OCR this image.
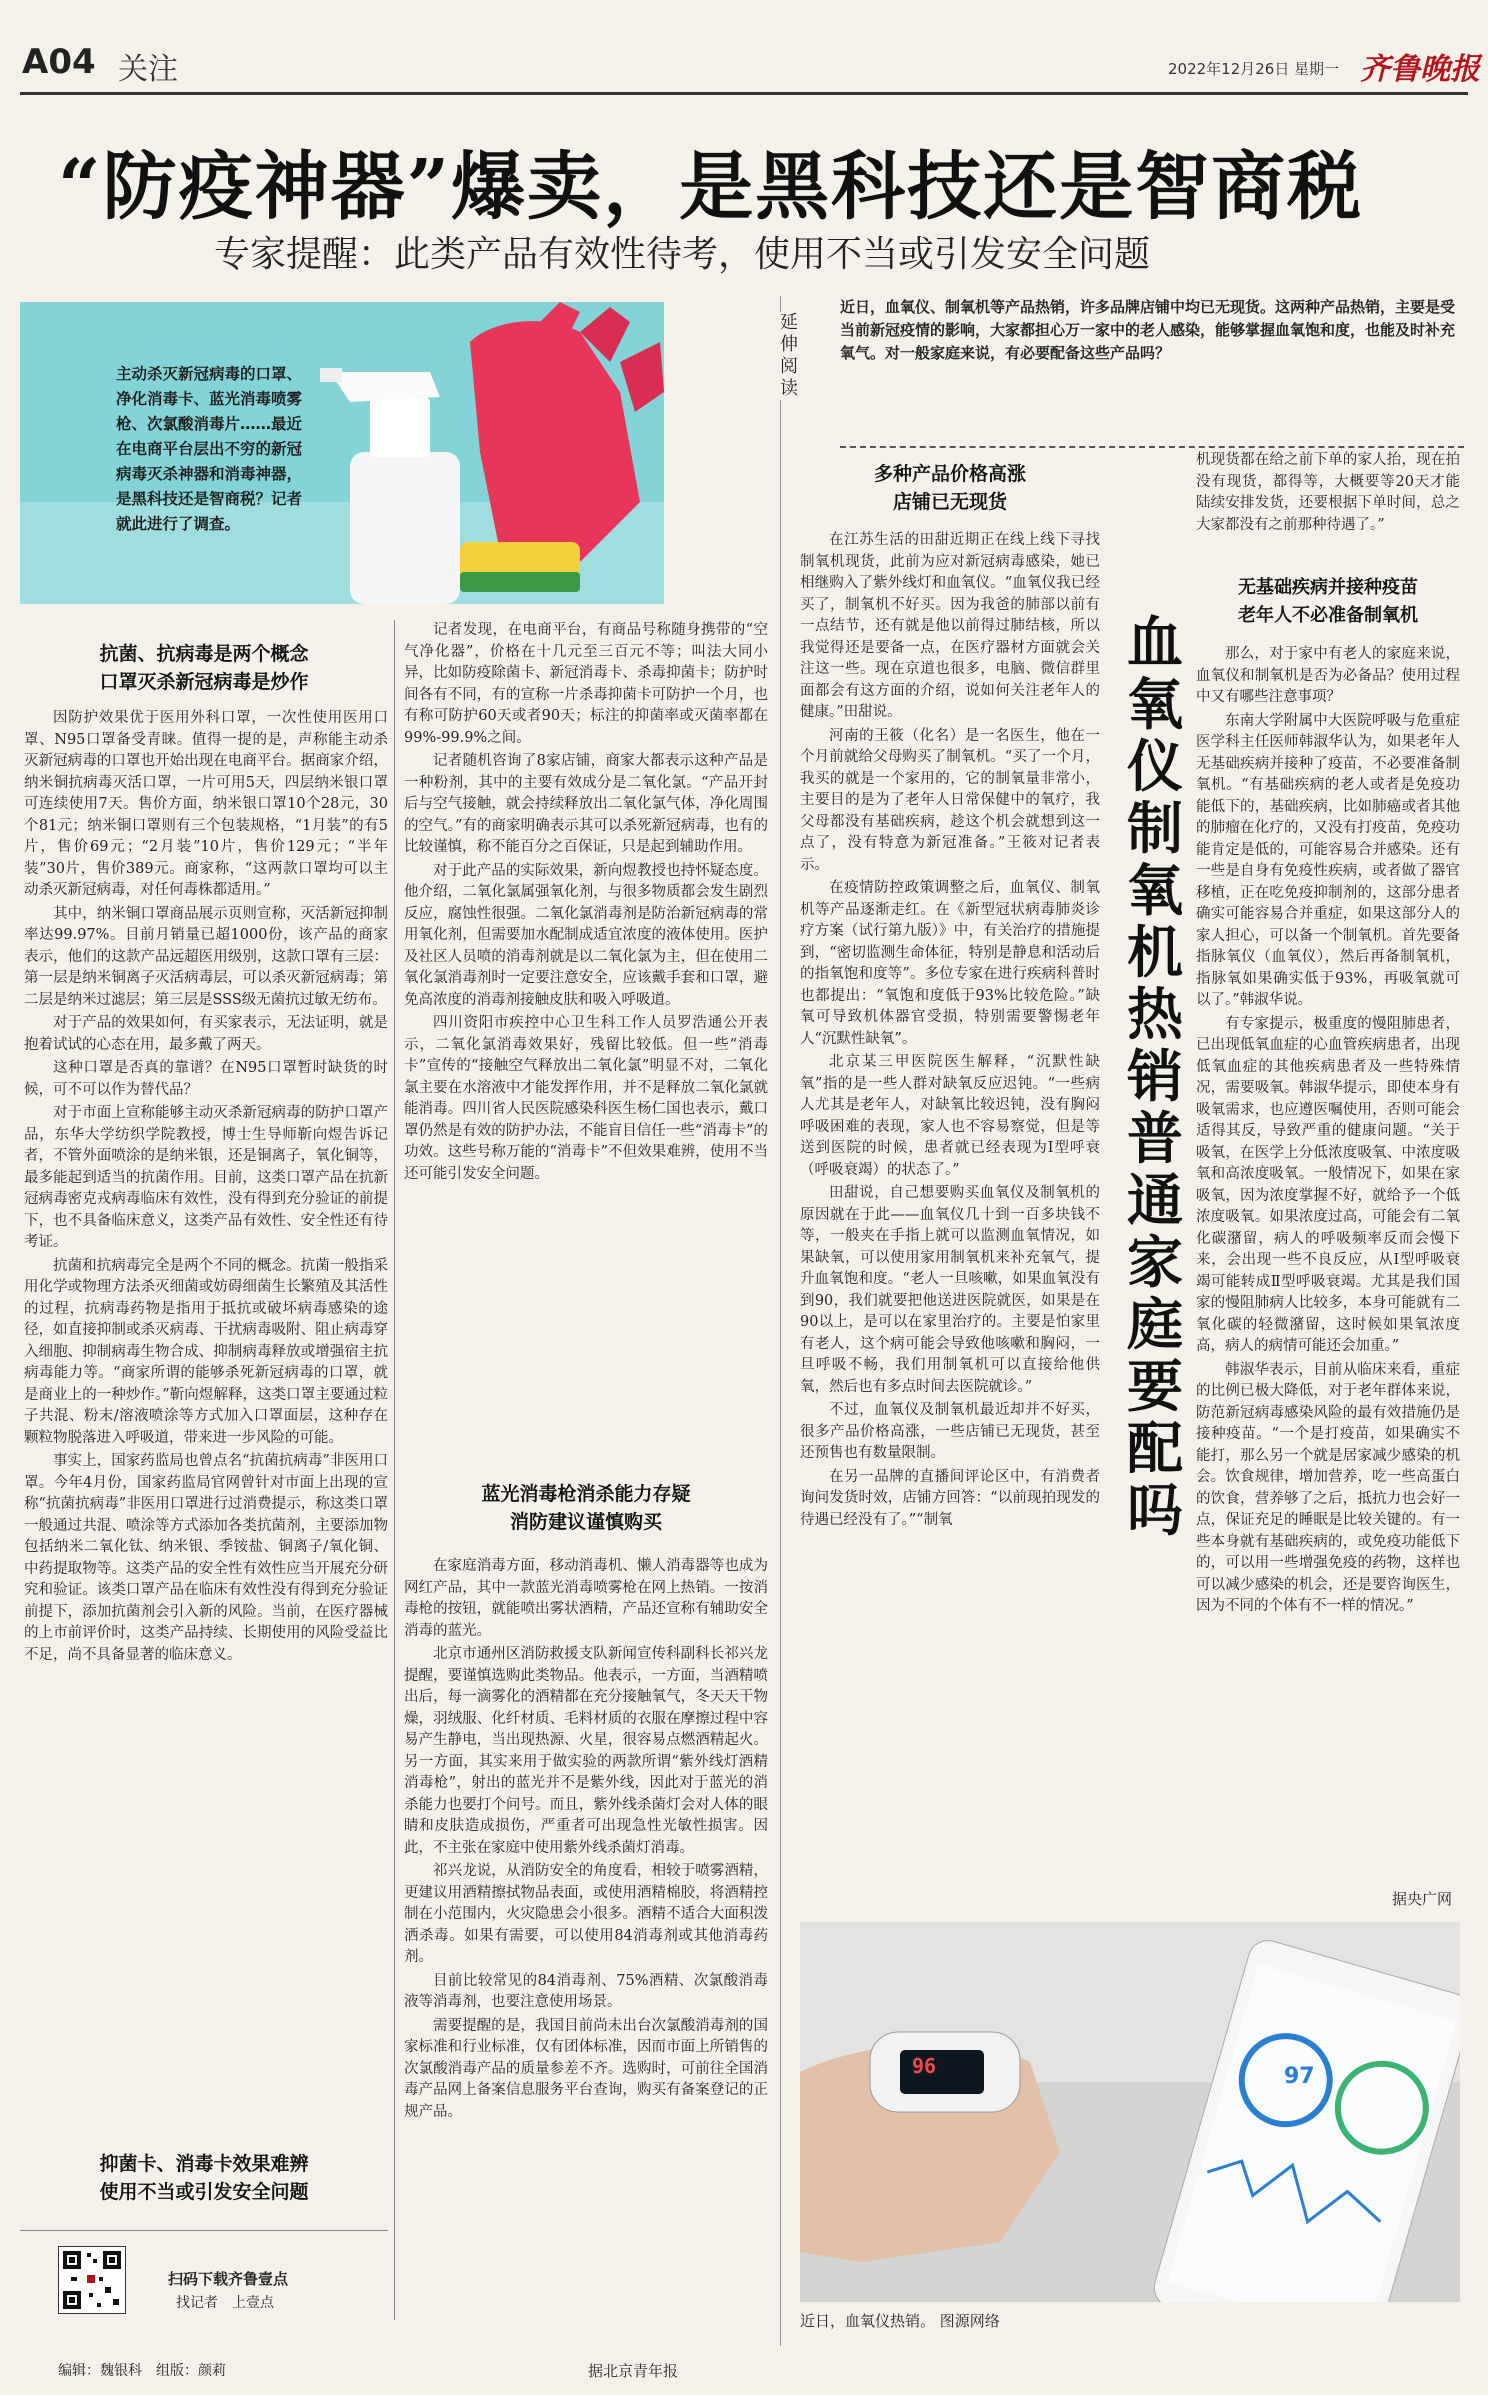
A04 关注	2022年12月26日 星期一 齐鲁晚报
“防疫神器”爆卖，是黑科技还是智商税
专家提醒：此类产品有效性待考，使用不当或引发安全问题
主动杀灭新冠病毒的口罩、净化消毒卡、蓝光消毒喷雾枪、次氯酸消毒片……最近在电商平台层出不穷的新冠病毒灭杀神器和消毒神器，是黑科技还是智商税？记者就此进行了调查。
抗菌、抗病毒是两个概念
口罩灭杀新冠病毒是炒作

因防护效果优于医用外科口罩，一次性使用医用口罩、N95口罩备受青睐。值得一提的是，声称能主动杀灭新冠病毒的口罩也开始出现在电商平台。据商家介绍，纳米铜抗病毒灭活口罩，一片可用5天，四层纳米银口罩可连续使用7天。售价方面，纳米银口罩10个28元，30个81元；纳米铜口罩则有三个包装规格，“1月装”的有5片，售价69元；“2月装”10片，售价129元；“半年装”30片，售价389元。商家称，“这两款口罩均可以主动杀灭新冠病毒，对任何毒株都适用。”

其中，纳米铜口罩商品展示页则宣称，灭活新冠抑制率达99.97%。目前月销量已超1000份，该产品的商家表示，他们的这款产品远超医用级别，这款口罩有三层：第一层是纳米铜离子灭活病毒层，可以杀灭新冠病毒；第二层是纳米过滤层；第三层是SSS级无菌抗过敏无纺布。

对于产品的效果如何，有买家表示，无法证明，就是抱着试试的心态在用，最多戴了两天。

这种口罩是否真的靠谱？在N95口罩暂时缺货的时候，可不可以作为替代品？

对于市面上宣称能够主动灭杀新冠病毒的防护口罩产品，东华大学纺织学院教授，博士生导师靳向煜告诉记者，不管外面喷涂的是纳米银，还是铜离子，氧化铜等，最多能起到适当的抗菌作用。目前，这类口罩产品在抗新冠病毒密克戎病毒临床有效性，没有得到充分验证的前提下，也不具备临床意义，这类产品有效性、安全性还有待考证。

抗菌和抗病毒完全是两个不同的概念。抗菌一般指采用化学或物理方法杀灭细菌或妨碍细菌生长繁殖及其活性的过程，抗病毒药物是指用于抵抗或破坏病毒感染的途径，如直接抑制或杀灭病毒、干扰病毒吸附、阻止病毒穿入细胞、抑制病毒生物合成、抑制病毒释放或增强宿主抗病毒能力等。“商家所谓的能够杀死新冠病毒的口罩，就是商业上的一种炒作。”靳向煜解释，这类口罩主要通过粒子共混、粉末/溶液喷涂等方式加入口罩面层，这种存在颗粒物脱落进入呼吸道，带来进一步风险的可能。

事实上，国家药监局也曾点名“抗菌抗病毒”非医用口罩。今年4月份，国家药监局官网曾针对市面上出现的宣称“抗菌抗病毒”非医用口罩进行过消费提示，称这类口罩一般通过共混、喷涂等方式添加各类抗菌剂，主要添加物包括纳米二氧化钛、纳米银、季铵盐、铜离子/氧化铜、中药提取物等。这类产品的安全性有效性应当开展充分研究和验证。该类口罩产品在临床有效性没有得到充分验证前提下，添加抗菌剂会引入新的风险。当前，在医疗器械的上市前评价时，这类产品持续、长期使用的风险受益比不足，尚不具备显著的临床意义。

抑菌卡、消毒卡效果难辨
使用不当或引发安全问题

记者发现，在电商平台，有商品号称随身携带的“空气净化器”，价格在十几元至三百元不等；叫法大同小异，比如防疫除菌卡、新冠消毒卡、杀毒抑菌卡；防护时间各有不同，有的宣称一片杀毒抑菌卡可防护一个月，也有称可防护60天或者90天；标注的抑菌率或灭菌率都在99%-99.9%之间。

记者随机咨询了8家店铺，商家大都表示这种产品是一种粉剂，其中的主要有效成分是二氧化氯。“产品开封后与空气接触，就会持续释放出二氧化氯气体，净化周围的空气。”有的商家明确表示其可以杀死新冠病毒，也有的比较谨慎，称不能百分之百保证，只是起到辅助作用。

对于此产品的实际效果，新向煜教授也持怀疑态度。他介绍，二氧化氯属强氧化剂，与很多物质都会发生剧烈反应，腐蚀性很强。二氧化氯消毒剂是防治新冠病毒的常用氧化剂，但需要加水配制成适宜浓度的液体使用。医护及社区人员喷的消毒剂就是以二氧化氯为主，但在使用二氧化氯消毒剂时一定要注意安全，应该戴手套和口罩，避免高浓度的消毒剂接触皮肤和吸入呼吸道。

四川资阳市疾控中心卫生科工作人员罗浩通公开表示，二氧化氯消毒效果好，残留比较低。但一些“消毒卡”宣传的“接触空气释放出二氧化氯”明显不对，二氧化氯主要在水溶液中才能发挥作用，并不是释放二氧化氯就能消毒。四川省人民医院感染科医生杨仁国也表示，戴口罩仍然是有效的防护办法，不能盲目信任一些“消毒卡”的功效。这些号称万能的“消毒卡”不但效果难辨，使用不当还可能引发安全问题。

蓝光消毒枪消杀能力存疑
消防建议谨慎购买

在家庭消毒方面，移动消毒机、懒人消毒器等也成为网红产品，其中一款蓝光消毒喷雾枪在网上热销。一按消毒枪的按钮，就能喷出雾状酒精，产品还宣称有辅助安全消毒的蓝光。

北京市通州区消防救援支队新闻宣传科副科长祁兴龙提醒，要谨慎选购此类物品。他表示，一方面，当酒精喷出后，每一滴雾化的酒精都在充分接触氧气，冬天天干物燥，羽绒服、化纤材质、毛料材质的衣服在摩擦过程中容易产生静电，当出现热源、火星，很容易点燃酒精起火。另一方面，其实来用于做实验的两款所谓“紫外线灯酒精消毒枪”，射出的蓝光并不是紫外线，因此对于蓝光的消杀能力也要打个问号。而且，紫外线杀菌灯会对人体的眼睛和皮肤造成损伤，严重者可出现急性光敏性损害。因此，不主张在家庭中使用紫外线杀菌灯消毒。

祁兴龙说，从消防安全的角度看，相较于喷雾酒精，更建议用酒精擦拭物品表面，或使用酒精棉胶，将酒精控制在小范围内，火灾隐患会小很多。酒精不适合大面积泼洒杀毒。如果有需要，可以使用84消毒剂或其他消毒药剂。

目前比较常见的84消毒剂、75%酒精、次氯酸消毒液等消毒剂，也要注意使用场景。

需要提醒的是，我国目前尚未出台次氯酸消毒剂的国家标准和行业标准，仅有团体标准，因而市面上所销售的次氯酸消毒产品的质量参差不齐。选购时，可前往全国消毒产品网上备案信息服务平台查询，购买有备案登记的正规产品。

据北京青年报
延伸阅读
近日，血氧仪、制氧机等产品热销，许多品牌店铺中均已无现货。这两种产品热销，主要是受当前新冠疫情的影响，大家都担心万一家中的老人感染，能够掌握血氧饱和度，也能及时补充氧气。对一般家庭来说，有必要配备这些产品吗？
多种产品价格高涨
店铺已无现货

在江苏生活的田甜近期正在线上线下寻找制氧机现货，此前为应对新冠病毒感染，她已相继购入了紫外线灯和血氧仪。“血氧仪我已经买了，制氧机不好买。因为我爸的肺部以前有一点结节，还有就是他以前得过肺结核，所以我觉得还是要备一点，在医疗器材方面就会关注这一些。现在京道也很多，电脑、微信群里面都会有这方面的介绍，说如何关注老年人的健康。”田甜说。

河南的王筱（化名）是一名医生，他在一个月前就给父母购买了制氧机。“买了一个月，我买的就是一个家用的，它的制氧量非常小，主要目的是为了老年人日常保健中的氧疗，我父母都没有基础疾病，趁这个机会就想到这一点了，没有特意为新冠准备。”王筱对记者表示。

在疫情防控政策调整之后，血氧仪、制氧机等产品逐渐走红。在《新型冠状病毒肺炎诊疗方案（试行第九版）》中，有关治疗的措施提到，“密切监测生命体征，特别是静息和活动后的指氧饱和度等”。多位专家在进行疾病科普时也都提出：“氧饱和度低于93%比较危险。”缺氧可导致机体器官受损，特别需要警惕老年人“沉默性缺氧”。

北京某三甲医院医生解释，“沉默性缺氧”指的是一些人群对缺氧反应迟钝。“一些病人尤其是老年人，对缺氧比较迟钝，没有胸闷呼吸困难的表现，家人也不容易察觉，但是等送到医院的时候，患者就已经表现为Ⅰ型呼衰（呼吸衰竭）的状态了。”

田甜说，自己想要购买血氧仪及制氧机的原因就在于此——血氧仪几十到一百多块钱不等，一般夹在手指上就可以监测血氧情况，如果缺氧，可以使用家用制氧机来补充氧气，提升血氧饱和度。“老人一旦咳嗽，如果血氧没有到90，我们就要把他送进医院就医，如果是在90以上，是可以在家里治疗的。主要是怕家里有老人，这个病可能会导致他咳嗽和胸闷，一旦呼吸不畅，我们用制氧机可以直接给他供氧，然后也有多点时间去医院就诊。”

不过，血氧仪及制氧机最近却并不好买，很多产品价格高涨，一些店铺已无现货，甚至还预售也有数量限制。

在另一品牌的直播间评论区中，有消费者询问发货时效，店铺方回答：“以前现拍现发的待遇已经没有了。”“制氧

血氧仪制氧机热销　普通家庭要配吗

机现货都在给之前下单的家人抬，现在拍没有现货，都得等，大概要等20天才能陆续安排发货，还要根据下单时间，总之大家都没有之前那种待遇了。”

无基础疾病并接种疫苗
老年人不必准备制氧机

那么，对于家中有老人的家庭来说，血氧仪和制氧机是否为必备品？使用过程中又有哪些注意事项？

东南大学附属中大医院呼吸与危重症医学科主任医师韩淑华认为，如果老年人无基础疾病并接种了疫苗，不必要准备制氧机。“有基础疾病的老人或者是免疫功能低下的，基础疾病，比如肺癌或者其他的肺瘤在化疗的，又没有打疫苗，免疫功能肯定是低的，可能容易合并感染。还有一些是自身有免疫性疾病，或者做了器官移植，正在吃免疫抑制剂的，这部分患者确实可能容易合并重症，如果这部分人的家人担心，可以备一个制氧机。首先要备指脉氧仪（血氧仪），然后再备制氧机，指脉氧如果确实低于93%，再吸氧就可以了。”韩淑华说。

有专家提示，极重度的慢阻肺患者，已出现低氧血症的心血管疾病患者，出现低氧血症的其他疾病患者及一些特殊情况，需要吸氧。韩淑华提示，即使本身有吸氧需求，也应遵医嘱使用，否则可能会适得其反，导致严重的健康问题。“关于吸氧，在医学上分低浓度吸氧、中浓度吸氧和高浓度吸氧。一般情况下，如果在家吸氧，因为浓度掌握不好，就给予一个低浓度吸氧。如果浓度过高，可能会有二氧化碳潴留，病人的呼吸频率反而会慢下来，会出现一些不良反应，从Ⅰ型呼吸衰竭可能转成Ⅱ型呼吸衰竭。尤其是我们国家的慢阻肺病人比较多，本身可能就有二氧化碳的轻微潴留，这时候如果氧浓度高，病人的病情可能还会加重。”

韩淑华表示，目前从临床来看，重症的比例已极大降低，对于老年群体来说，防范新冠病毒感染风险的最有效措施仍是接种疫苗。“一个是打疫苗，如果确实不能打，那么另一个就是居家减少感染的机会。饮食规律，增加营养，吃一些高蛋白的饮食，营养够了之后，抵抗力也会好一点，保证充足的睡眠是比较关键的。有一些本身就有基础疾病的，或免疫功能低下的，可以用一些增强免疫的药物，这样也可以减少感染的机会，还是要咨询医生，因为不同的个体有不一样的情况。”

据央广网
96	97
近日，血氧仪热销。 图源网络
扫码下载齐鲁壹点
找记者　上壹点
编辑：魏银科　组版：颜莉
